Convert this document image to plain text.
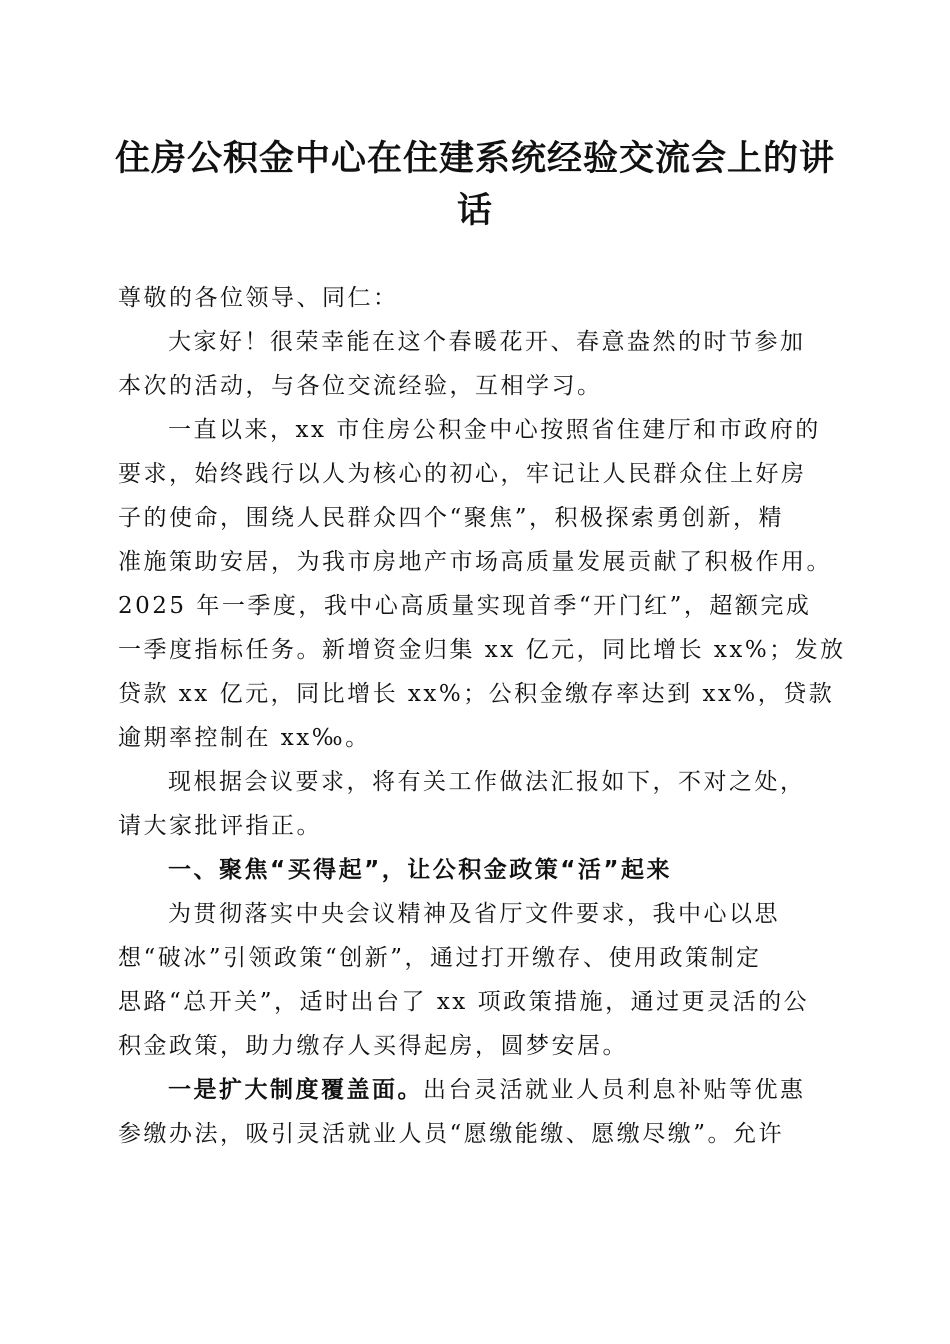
住房公积金中心在住建系统经验交流会上的讲
话

尊敬的各位领导、同仁：

大家好！很荣幸能在这个春暖花开、春意盎然的时节参加
本次的活动，与各位交流经验，互相学习。

一直以来，xx 市住房公积金中心按照省住建厅和市政府的
要求，始终践行以人为核心的初心，牢记让人民群众住上好房
子的使命，围绕人民群众四个“聚焦”，积极探索勇创新，精
准施策助安居，为我市房地产市场高质量发展贡献了积极作用。
2025 年一季度，我中心高质量实现首季“开门红”，超额完成
一季度指标任务。新增资金归集 xx 亿元，同比增长 xx%；发放
贷款 xx 亿元，同比增长 xx%；公积金缴存率达到 xx%，贷款
逾期率控制在 xx‰。

现根据会议要求，将有关工作做法汇报如下，不对之处，
请大家批评指正。

一、聚焦“买得起”，让公积金政策“活”起来

为贯彻落实中央会议精神及省厅文件要求，我中心以思
想“破冰”引领政策“创新”，通过打开缴存、使用政策制定
思路“总开关”，适时出台了 xx 项政策措施，通过更灵活的公
积金政策，助力缴存人买得起房，圆梦安居。

一是扩大制度覆盖面。出台灵活就业人员利息补贴等优惠
参缴办法，吸引灵活就业人员“愿缴能缴、愿缴尽缴”。允许
